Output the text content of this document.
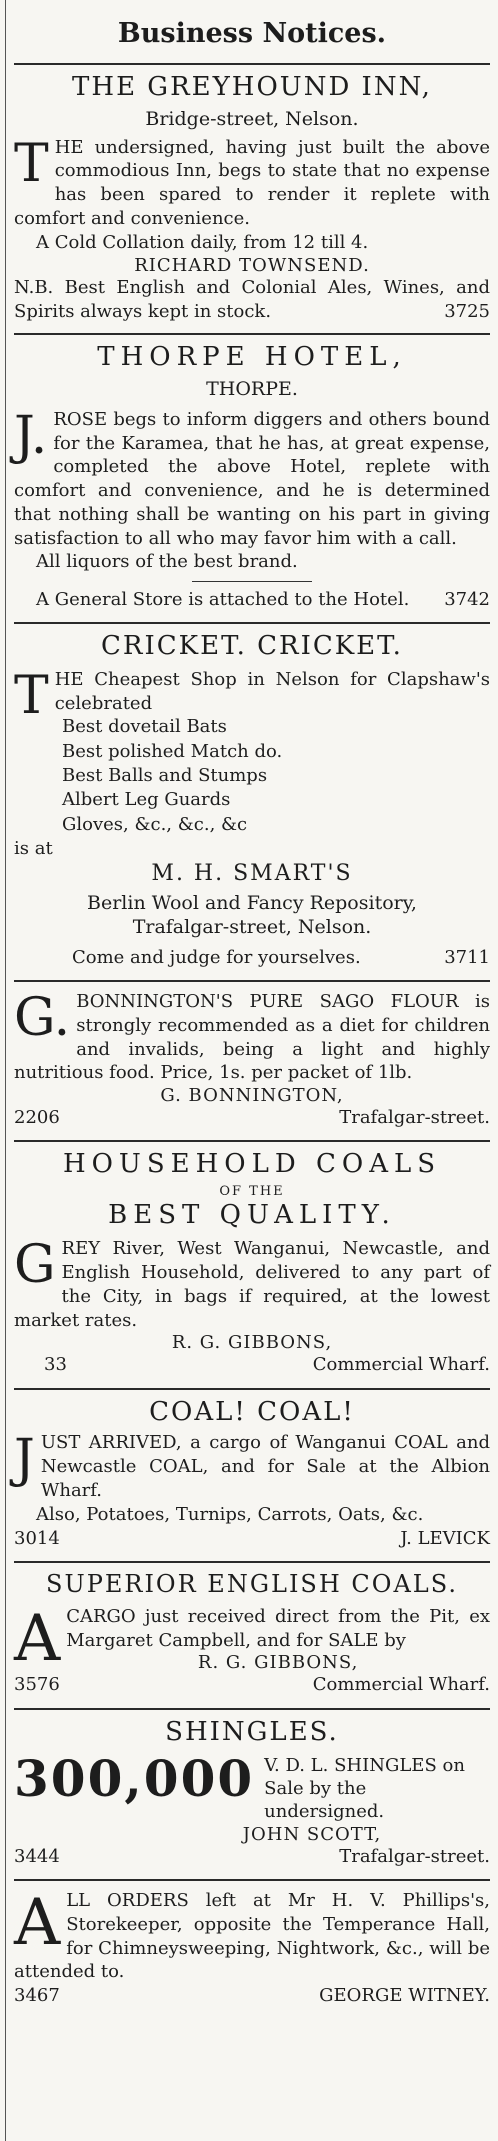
Business Notices.
THE GREYHOUND INN,
Bridge-street, Nelson.
T HE undersigned, having just built the above commodious Inn, begs to state that no expense has been spared to render it replete with comfort and convenience.
A Cold Collation daily, from 12 till 4.
RICHARD TOWNSEND.
N.B. Best English and Colonial Ales, Wines, and Spirits always kept in stock.	3725
THORPE HOTEL,
THORPE.
J. ROSE begs to inform diggers and others bound for the Karamea, that he has, at great expense, completed the above Hotel, replete with comfort and convenience, and he is determined that nothing shall be wanting on his part in giving satisfaction to all who may favor him with a call.
All liquors of the best brand.
A General Store is attached to the Hotel. 3742
CRICKET. CRICKET.
T HE Cheapest Shop in Nelson for Clapshaw's celebrated
Best dovetail Bats
Best polished Match do.
Best Balls and Stumps
Albert Leg Guards
Gloves, &c., &c., &c
is at
M. H. SMART'S
Berlin Wool and Fancy Repository,
Trafalgar-street, Nelson.
Come and judge for yourselves.	3711
G. BONNINGTON'S PURE SAGO FLOUR is strongly recommended as a diet for children and invalids, being a light and highly nutritious food. Price, 1s. per packet of 1lb.
G. BONNINGTON,
2206	Trafalgar-street.
HOUSEHOLD COALS
OF THE
BEST QUALITY.
G REY River, West Wanganui, Newcastle, and English Household, delivered to any part of the City, in bags if required, at the lowest market rates.
R. G. GIBBONS,
33	Commercial Wharf.
COAL! COAL!
J UST ARRIVED, a cargo of Wanganui COAL and Newcastle COAL, and for Sale at the Albion Wharf.
Also, Potatoes, Turnips, Carrots, Oats, &c.
3014	J. LEVICK
SUPERIOR ENGLISH COALS.
A CARGO just received direct from the Pit, ex Margaret Campbell, and for SALE by
R. G. GIBBONS,
3576	Commercial Wharf.
SHINGLES.
300,000 V. D. L. SHINGLES on Sale by the undersigned.
JOHN SCOTT,
3444	Trafalgar-street.
A LL ORDERS left at Mr H. V. Phillips's, Storekeeper, opposite the Temperance Hall, for Chimneysweeping, Nightwork, &c., will be attended to.
3467	GEORGE WITNEY.
